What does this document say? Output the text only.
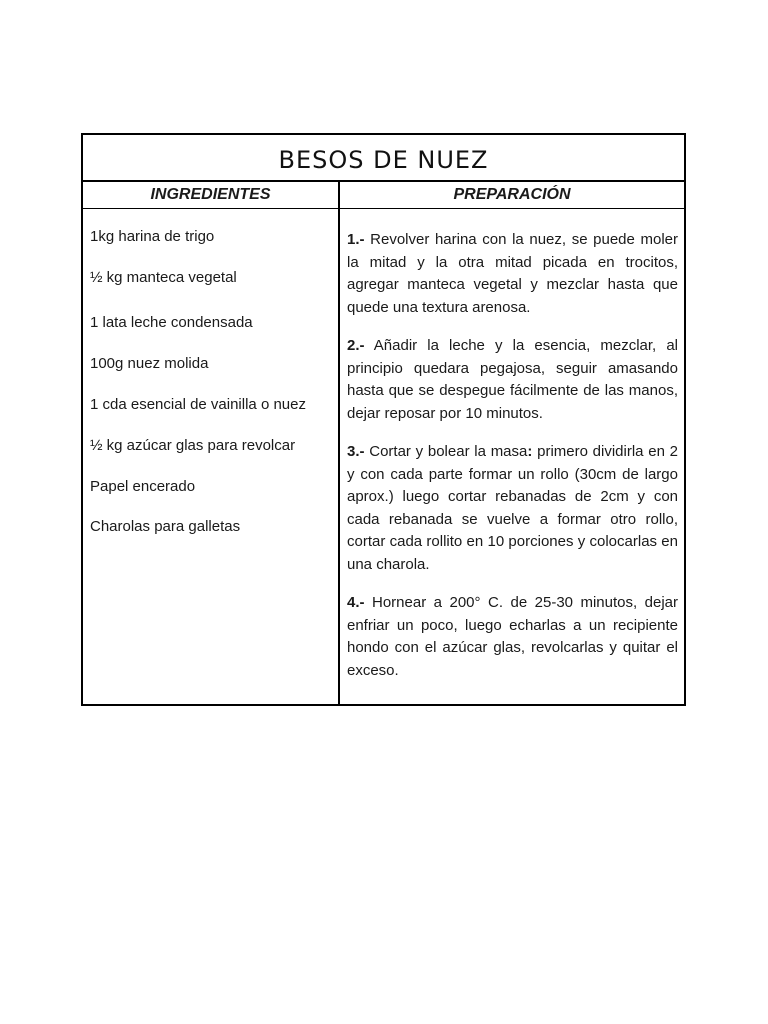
BESOS DE NUEZ
INGREDIENTES	PREPARACIÓN
1kg harina de trigo
½ kg manteca vegetal
1 lata leche condensada
100g nuez molida
1 cda esencial de vainilla o nuez
½ kg azúcar glas para revolcar
Papel encerado
Charolas para galletas

1.- Revolver harina con la nuez, se puede moler la mitad y la otra mitad picada en trocitos, agregar manteca vegetal y mezclar hasta que quede una textura arenosa.

2.- Añadir la leche y la esencia, mezclar, al principio quedara pegajosa, seguir amasando hasta que se despegue fácilmente de las manos, dejar reposar por 10 minutos.

3.- Cortar y bolear la masa: primero dividirla en 2 y con cada parte formar un rollo (30cm de largo aprox.) luego cortar rebanadas de 2cm y con cada rebanada se vuelve a formar otro rollo, cortar cada rollito en 10 porciones y colocarlas en una charola.

4.- Hornear a 200° C. de 25-30 minutos, dejar enfriar un poco, luego echarlas a un recipiente hondo con el azúcar glas, revolcarlas y quitar el exceso.
